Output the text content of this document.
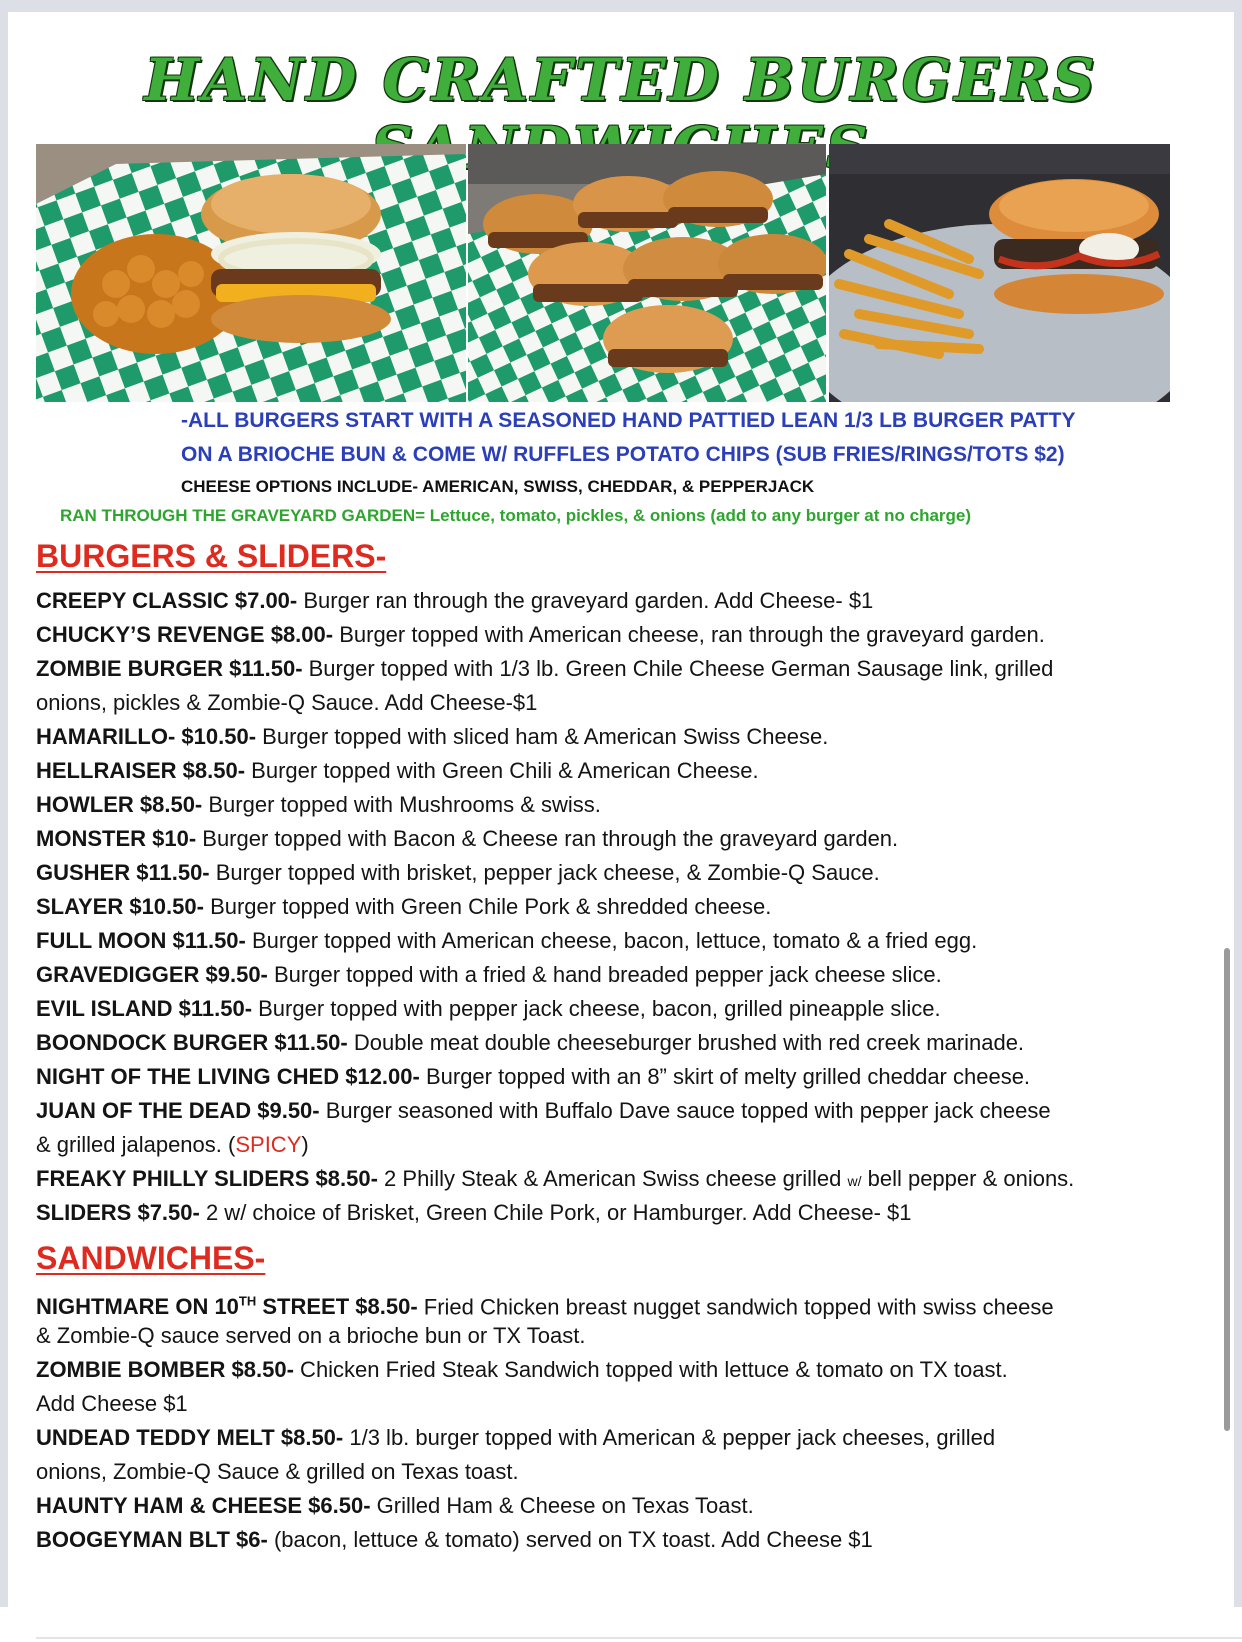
HAND CRAFTED BURGERS
-ALL BURGERS START WITH A SEASONED HAND PATTIED LEAN 1/3 LB BURGER PATTY
ON A BRIOCHE BUN & COME W/ RUFFLES POTATO CHIPS (SUB FRIES/RINGS/TOTS $2)
CHEESE OPTIONS INCLUDE- AMERICAN, SWISS, CHEDDAR, & PEPPERJACK
RAN THROUGH THE GRAVEYARD GARDEN= Lettuce, tomato, pickles, & onions (add to any burger at no charge)
BURGERS & SLIDERS-
CREEPY CLASSIC $7.00- Burger ran through the graveyard garden. Add Cheese- $1
CHUCKY’S REVENGE $8.00- Burger topped with American cheese, ran through the graveyard garden.
ZOMBIE BURGER $11.50- Burger topped with 1/3 lb. Green Chile Cheese German Sausage link, grilled
onions, pickles & Zombie-Q Sauce. Add Cheese-$1
HAMARILLO- $10.50- Burger topped with sliced ham & American Swiss Cheese.
HELLRAISER $8.50- Burger topped with Green Chili & American Cheese.
HOWLER $8.50- Burger topped with Mushrooms & swiss.
MONSTER $10- Burger topped with Bacon & Cheese ran through the graveyard garden.
GUSHER $11.50- Burger topped with brisket, pepper jack cheese, & Zombie-Q Sauce.
SLAYER $10.50- Burger topped with Green Chile Pork & shredded cheese.
FULL MOON $11.50- Burger topped with American cheese, bacon, lettuce, tomato & a fried egg.
GRAVEDIGGER $9.50- Burger topped with a fried & hand breaded pepper jack cheese slice.
EVIL ISLAND $11.50- Burger topped with pepper jack cheese, bacon, grilled pineapple slice.
BOONDOCK BURGER $11.50- Double meat double cheeseburger brushed with red creek marinade.
NIGHT OF THE LIVING CHED $12.00- Burger topped with an 8” skirt of melty grilled cheddar cheese.
JUAN OF THE DEAD $9.50- Burger seasoned with Buffalo Dave sauce topped with pepper jack cheese
& grilled jalapenos. (SPICY)
FREAKY PHILLY SLIDERS $8.50- 2 Philly Steak & American Swiss cheese grilled w/ bell pepper & onions.
SLIDERS $7.50- 2 w/ choice of Brisket, Green Chile Pork, or Hamburger. Add Cheese- $1
SANDWICHES-
NIGHTMARE ON 10TH STREET $8.50- Fried Chicken breast nugget sandwich topped with swiss cheese
& Zombie-Q sauce served on a brioche bun or TX Toast.
ZOMBIE BOMBER $8.50- Chicken Fried Steak Sandwich topped with lettuce & tomato on TX toast.
Add Cheese $1
UNDEAD TEDDY MELT $8.50- 1/3 lb. burger topped with American & pepper jack cheeses, grilled
onions, Zombie-Q Sauce & grilled on Texas toast.
HAUNTY HAM & CHEESE $6.50- Grilled Ham & Cheese on Texas Toast.
BOOGEYMAN BLT $6- (bacon, lettuce & tomato) served on TX toast. Add Cheese $1
